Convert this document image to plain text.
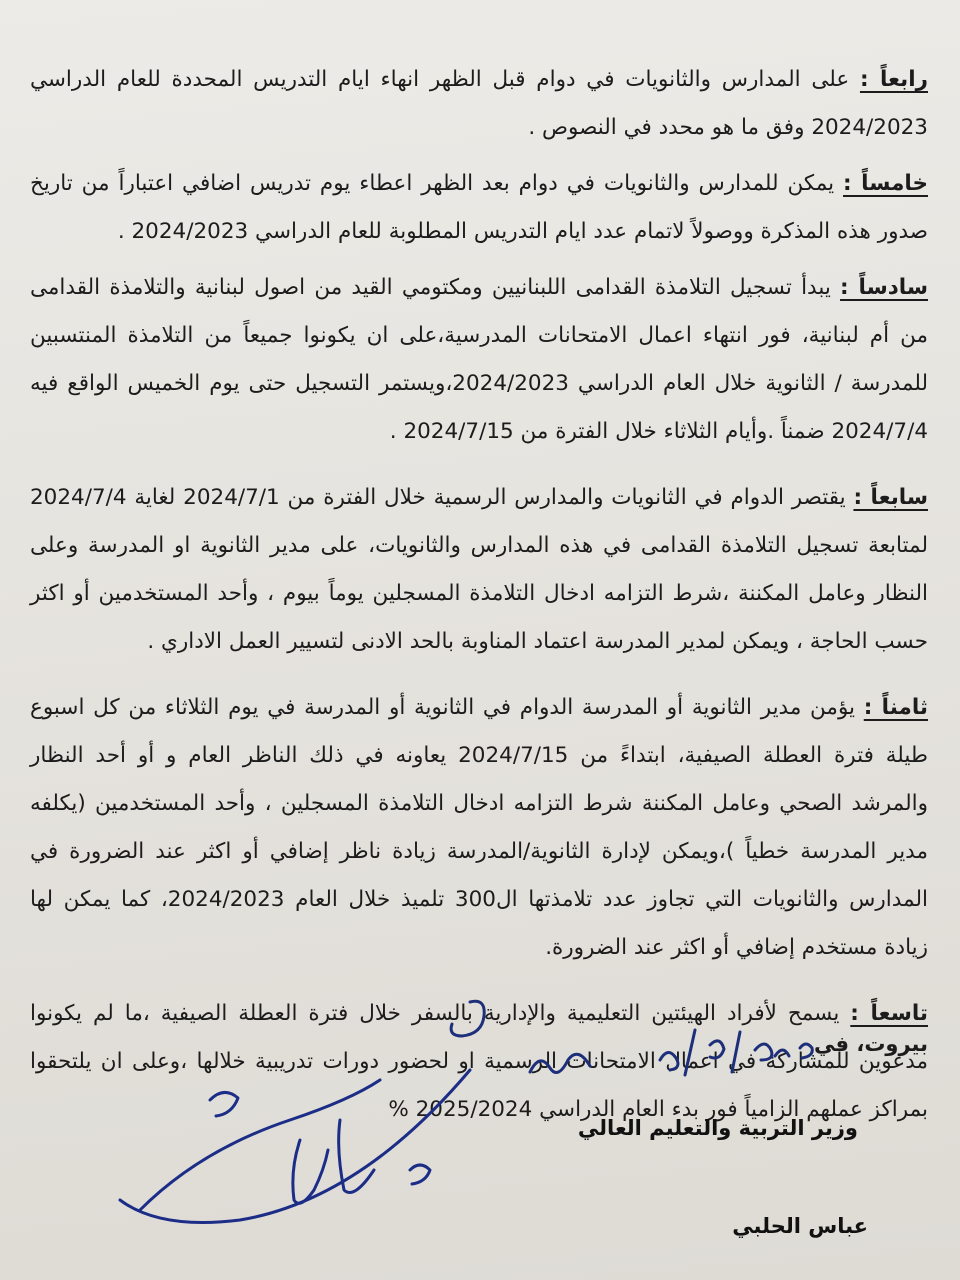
رابعاً : على المدارس والثانويات في دوام قبل الظهر انهاء ايام التدريس المحددة للعام الدراسي 2024/2023 وفق ما هو محدد في النصوص .

خامساً : يمكن للمدارس والثانويات في دوام بعد الظهر اعطاء يوم تدريس اضافي اعتباراً من تاريخ صدور هذه المذكرة ووصولاً لاتمام عدد ايام التدريس المطلوبة للعام الدراسي 2024/2023 .

سادساً : يبدأ تسجيل التلامذة القدامى اللبنانيين ومكتومي القيد من اصول لبنانية والتلامذة القدامى من أم لبنانية، فور انتهاء اعمال الامتحانات المدرسية،على ان يكونوا جميعاً من التلامذة المنتسبين للمدرسة / الثانوية خلال العام الدراسي 2024/2023،ويستمر التسجيل حتى يوم الخميس الواقع فيه 2024/7/4 ضمناً .وأيام الثلاثاء خلال الفترة من 2024/7/15 .

سابعاً : يقتصر الدوام في الثانويات والمدارس الرسمية خلال الفترة من 2024/7/1 لغاية 2024/7/4 لمتابعة تسجيل التلامذة القدامى في هذه المدارس والثانويات، على مدير الثانوية او المدرسة وعلى النظار وعامل المكننة ،شرط التزامه ادخال التلامذة المسجلين يوماً بيوم ، وأحد المستخدمين أو اكثر حسب الحاجة ، ويمكن لمدير المدرسة اعتماد المناوبة بالحد الادنى لتسيير العمل الاداري .

ثامناً : يؤمن مدير الثانوية أو المدرسة الدوام في الثانوية أو المدرسة في يوم الثلاثاء من كل اسبوع طيلة فترة العطلة الصيفية، ابتداءً من 2024/7/15 يعاونه في ذلك الناظر العام و أو أحد النظار والمرشد الصحي وعامل المكننة شرط التزامه ادخال التلامذة المسجلين ، وأحد المستخدمين (يكلفه مدير المدرسة خطياً )،ويمكن لإدارة الثانوية/المدرسة زيادة ناظر إضافي أو اكثر عند الضرورة في المدارس والثانويات التي تجاوز عدد تلامذتها ال300 تلميذ خلال العام 2024/2023، كما يمكن لها زيادة مستخدم إضافي أو اكثر عند الضرورة.

تاسعاً : يسمح لأفراد الهيئتين التعليمية والإدارية بالسفر خلال فترة العطلة الصيفية ،ما لم يكونوا مدعوين للمشاركة في اعمال الامتحانات الرسمية او لحضور دورات تدريبية خلالها ،وعلى ان يلتحقوا بمراكز عملهم الزامياً فور بدء العام الدراسي 2025/2024 %

بيروت، في
وزير التربية والتعليم العالي
عباس الحلبي
